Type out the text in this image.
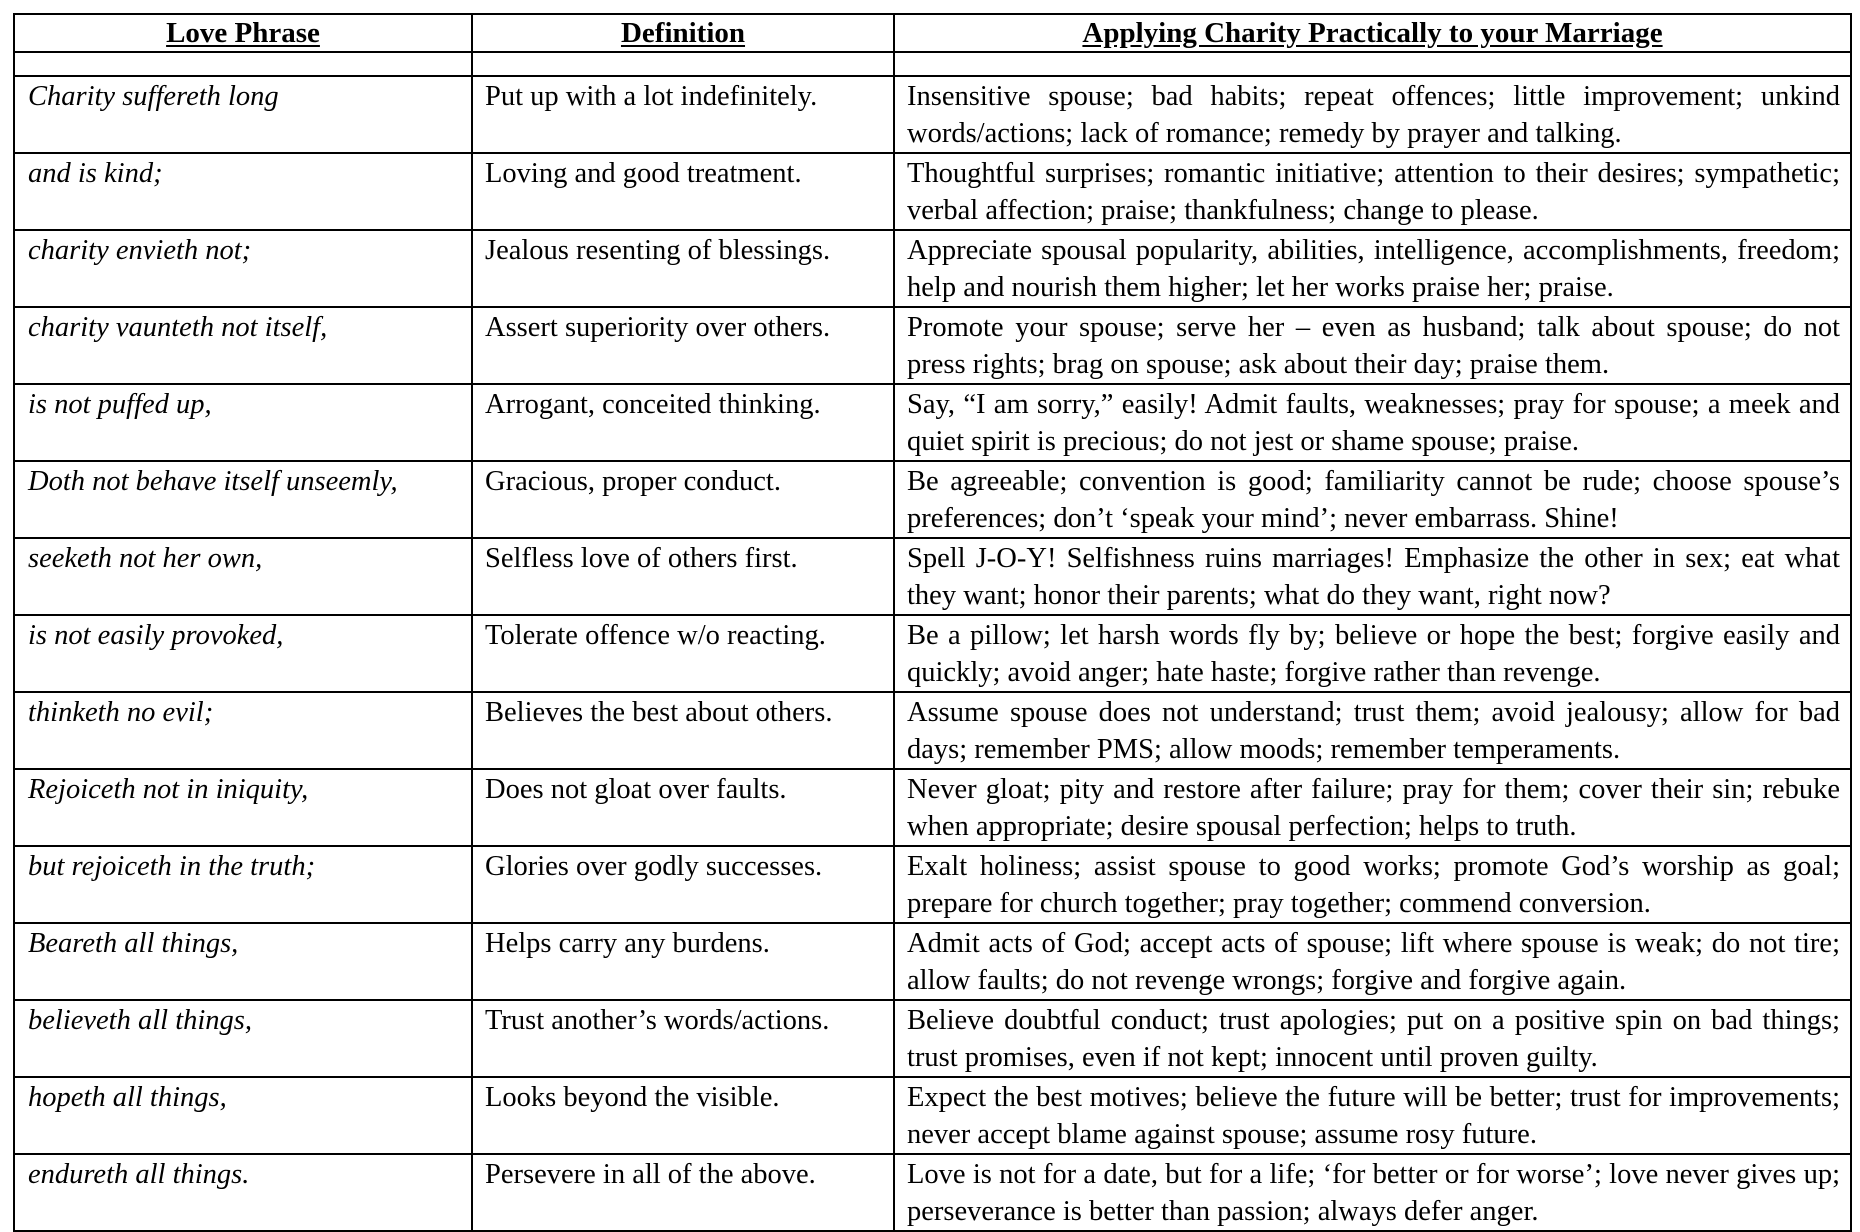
Love Phrase	Definition	Applying Charity Practically to your Marriage

Charity suffereth long	Put up with a lot indefinitely.	Insensitive spouse; bad habits; repeat offences; little improvement; unkind words/actions; lack of romance; remedy by prayer and talking.
and is kind;	Loving and good treatment.	Thoughtful surprises; romantic initiative; attention to their desires; sympathetic; verbal affection; praise; thankfulness; change to please.
charity envieth not;	Jealous resenting of blessings.	Appreciate spousal popularity, abilities, intelligence, accomplishments, freedom; help and nourish them higher; let her works praise her; praise.
charity vaunteth not itself,	Assert superiority over others.	Promote your spouse; serve her – even as husband; talk about spouse; do not press rights; brag on spouse; ask about their day; praise them.
is not puffed up,	Arrogant, conceited thinking.	Say, “I am sorry,” easily! Admit faults, weaknesses; pray for spouse; a meek and quiet spirit is precious; do not jest or shame spouse; praise.
Doth not behave itself unseemly,	Gracious, proper conduct.	Be agreeable; convention is good; familiarity cannot be rude; choose spouse’s preferences; don’t ‘speak your mind’; never embarrass. Shine!
seeketh not her own,	Selfless love of others first.	Spell J-O-Y! Selfishness ruins marriages! Emphasize the other in sex; eat what they want; honor their parents; what do they want, right now?
is not easily provoked,	Tolerate offence w/o reacting.	Be a pillow; let harsh words fly by; believe or hope the best; forgive easily and quickly; avoid anger; hate haste; forgive rather than revenge.
thinketh no evil;	Believes the best about others.	Assume spouse does not understand; trust them; avoid jealousy; allow for bad days; remember PMS; allow moods; remember temperaments.
Rejoiceth not in iniquity,	Does not gloat over faults.	Never gloat; pity and restore after failure; pray for them; cover their sin; rebuke when appropriate; desire spousal perfection; helps to truth.
but rejoiceth in the truth;	Glories over godly successes.	Exalt holiness; assist spouse to good works; promote God’s worship as goal; prepare for church together; pray together; commend conversion.
Beareth all things,	Helps carry any burdens.	Admit acts of God; accept acts of spouse; lift where spouse is weak; do not tire; allow faults; do not revenge wrongs; forgive and forgive again.
believeth all things,	Trust another’s words/actions.	Believe doubtful conduct; trust apologies; put on a positive spin on bad things; trust promises, even if not kept; innocent until proven guilty.
hopeth all things,	Looks beyond the visible.	Expect the best motives; believe the future will be better; trust for improvements; never accept blame against spouse; assume rosy future.
endureth all things.	Persevere in all of the above.	Love is not for a date, but for a life; ‘for better or for worse’; love never gives up; perseverance is better than passion; always defer anger.
